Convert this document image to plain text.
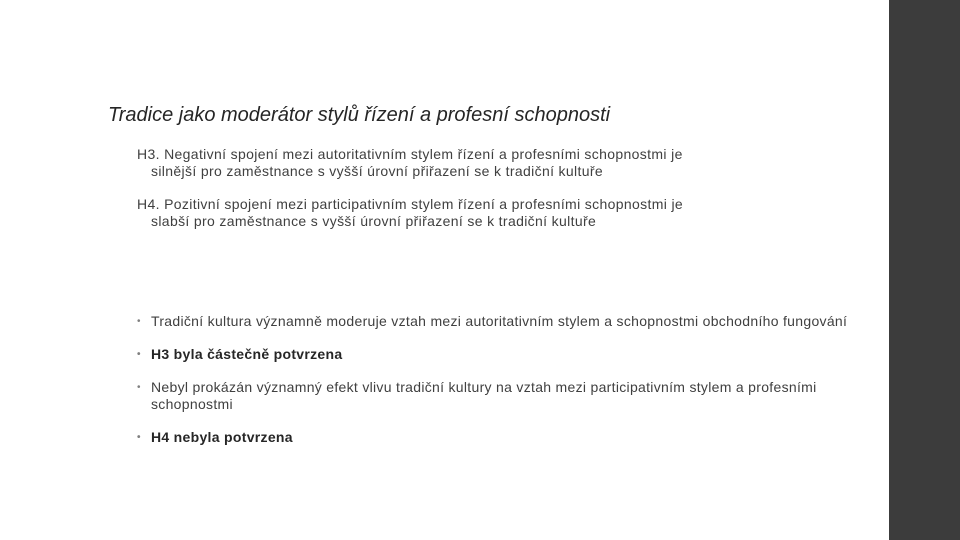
Tradice jako moderátor stylů řízení a profesní schopnosti
H3. Negativní spojení mezi autoritativním stylem řízení a profesními schopnostmi je
silnější pro zaměstnance s vyšší úrovní přiřazení se k tradiční kultuře
H4. Pozitivní spojení mezi participativním stylem řízení a profesními schopnostmi je
slabší pro zaměstnance s vyšší úrovní přiřazení se k tradiční kultuře
• Tradiční kultura významně moderuje vztah mezi autoritativním stylem a schopnostmi obchodního fungování
• H3 byla částečně potvrzena
• Nebyl prokázán významný efekt vlivu tradiční kultury na vztah mezi participativním stylem a profesními schopnostmi
• H4 nebyla potvrzena
